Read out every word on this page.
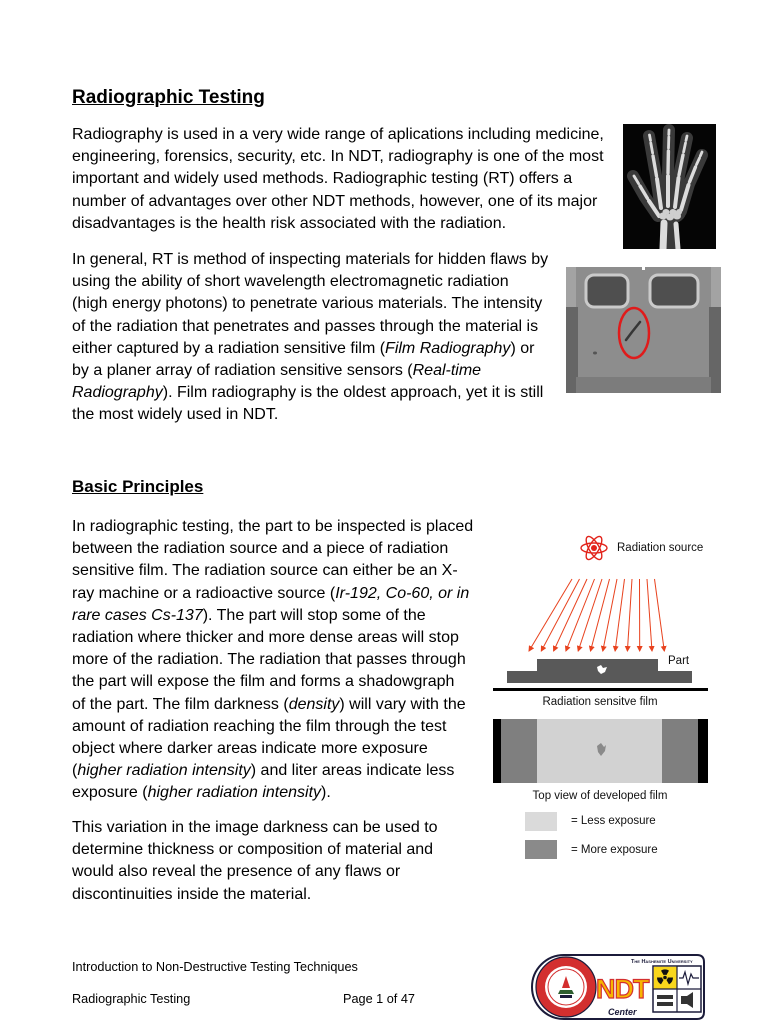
Radiographic Testing
Radiography is used in a very wide range of aplications including medicine,
engineering, forensics, security, etc. In NDT, radiography is one of the most
important and widely used methods. Radiographic testing (RT) offers a
number of advantages over other NDT methods, however, one of its major
disadvantages is the health risk associated with the radiation.
In general, RT is method of inspecting materials for hidden flaws by
using the ability of short wavelength electromagnetic radiation
(high energy photons) to penetrate various materials. The intensity
of the radiation that penetrates and passes through the material is
either captured by a radiation sensitive film (Film Radiography) or
by a planer array of radiation sensitive sensors (Real-time
Radiography). Film radiography is the oldest approach, yet it is still
the most widely used in NDT.
Basic Principles
In radiographic testing, the part to be inspected is placed
between the radiation source and a piece of radiation
sensitive film. The radiation source can either be an X-
ray machine or a radioactive source (Ir-192, Co-60, or in
rare cases Cs-137). The part will stop some of the
radiation where thicker and more dense areas will stop
more of the radiation. The radiation that passes through
the part will expose the film and forms a shadowgraph
of the part. The film darkness (density) will vary with the
amount of radiation reaching the film through the test
object where darker areas indicate more exposure
(higher radiation intensity) and liter areas indicate less
exposure (higher radiation intensity).
This variation in the image darkness can be used to
determine thickness or composition of material and
would also reveal the presence of any flaws or
discontinuities inside the material.
Radiation source
Part
Radiation sensitve film
Top view of developed film
= Less exposure
= More exposure
Introduction to Non-Destructive Testing Techniques
Radiographic Testing	Page 1 of 47
The Hashemite University
NDT
Center
